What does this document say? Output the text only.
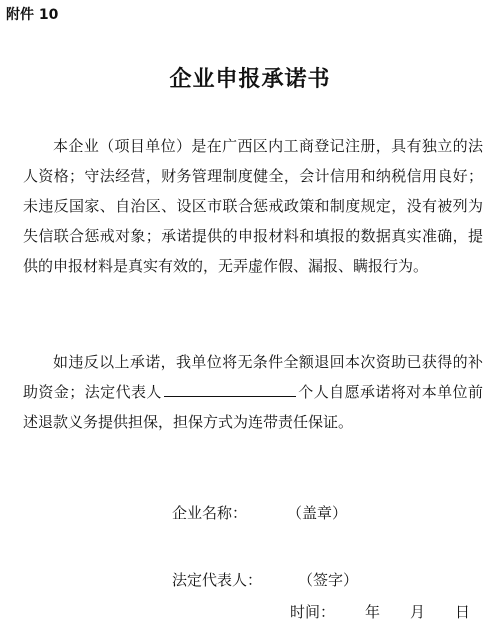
附件 10
企业申报承诺书

本企业（项目单位）是在广西区内工商登记注册，具有独立的法人资格；守法经营，财务管理制度健全，会计信用和纳税信用良好；未违反国家、自治区、设区市联合惩戒政策和制度规定，没有被列为失信联合惩戒对象；承诺提供的申报材料和填报的数据真实准确，提供的申报材料是真实有效的，无弄虚作假、漏报、瞒报行为。

如违反以上承诺，我单位将无条件全额退回本次资助已获得的补助资金；法定代表人	个人自愿承诺将对本单位前述退款义务提供担保，担保方式为连带责任保证。

企业名称：	（盖章）
法定代表人： （签字）
时间： 年 月 日
